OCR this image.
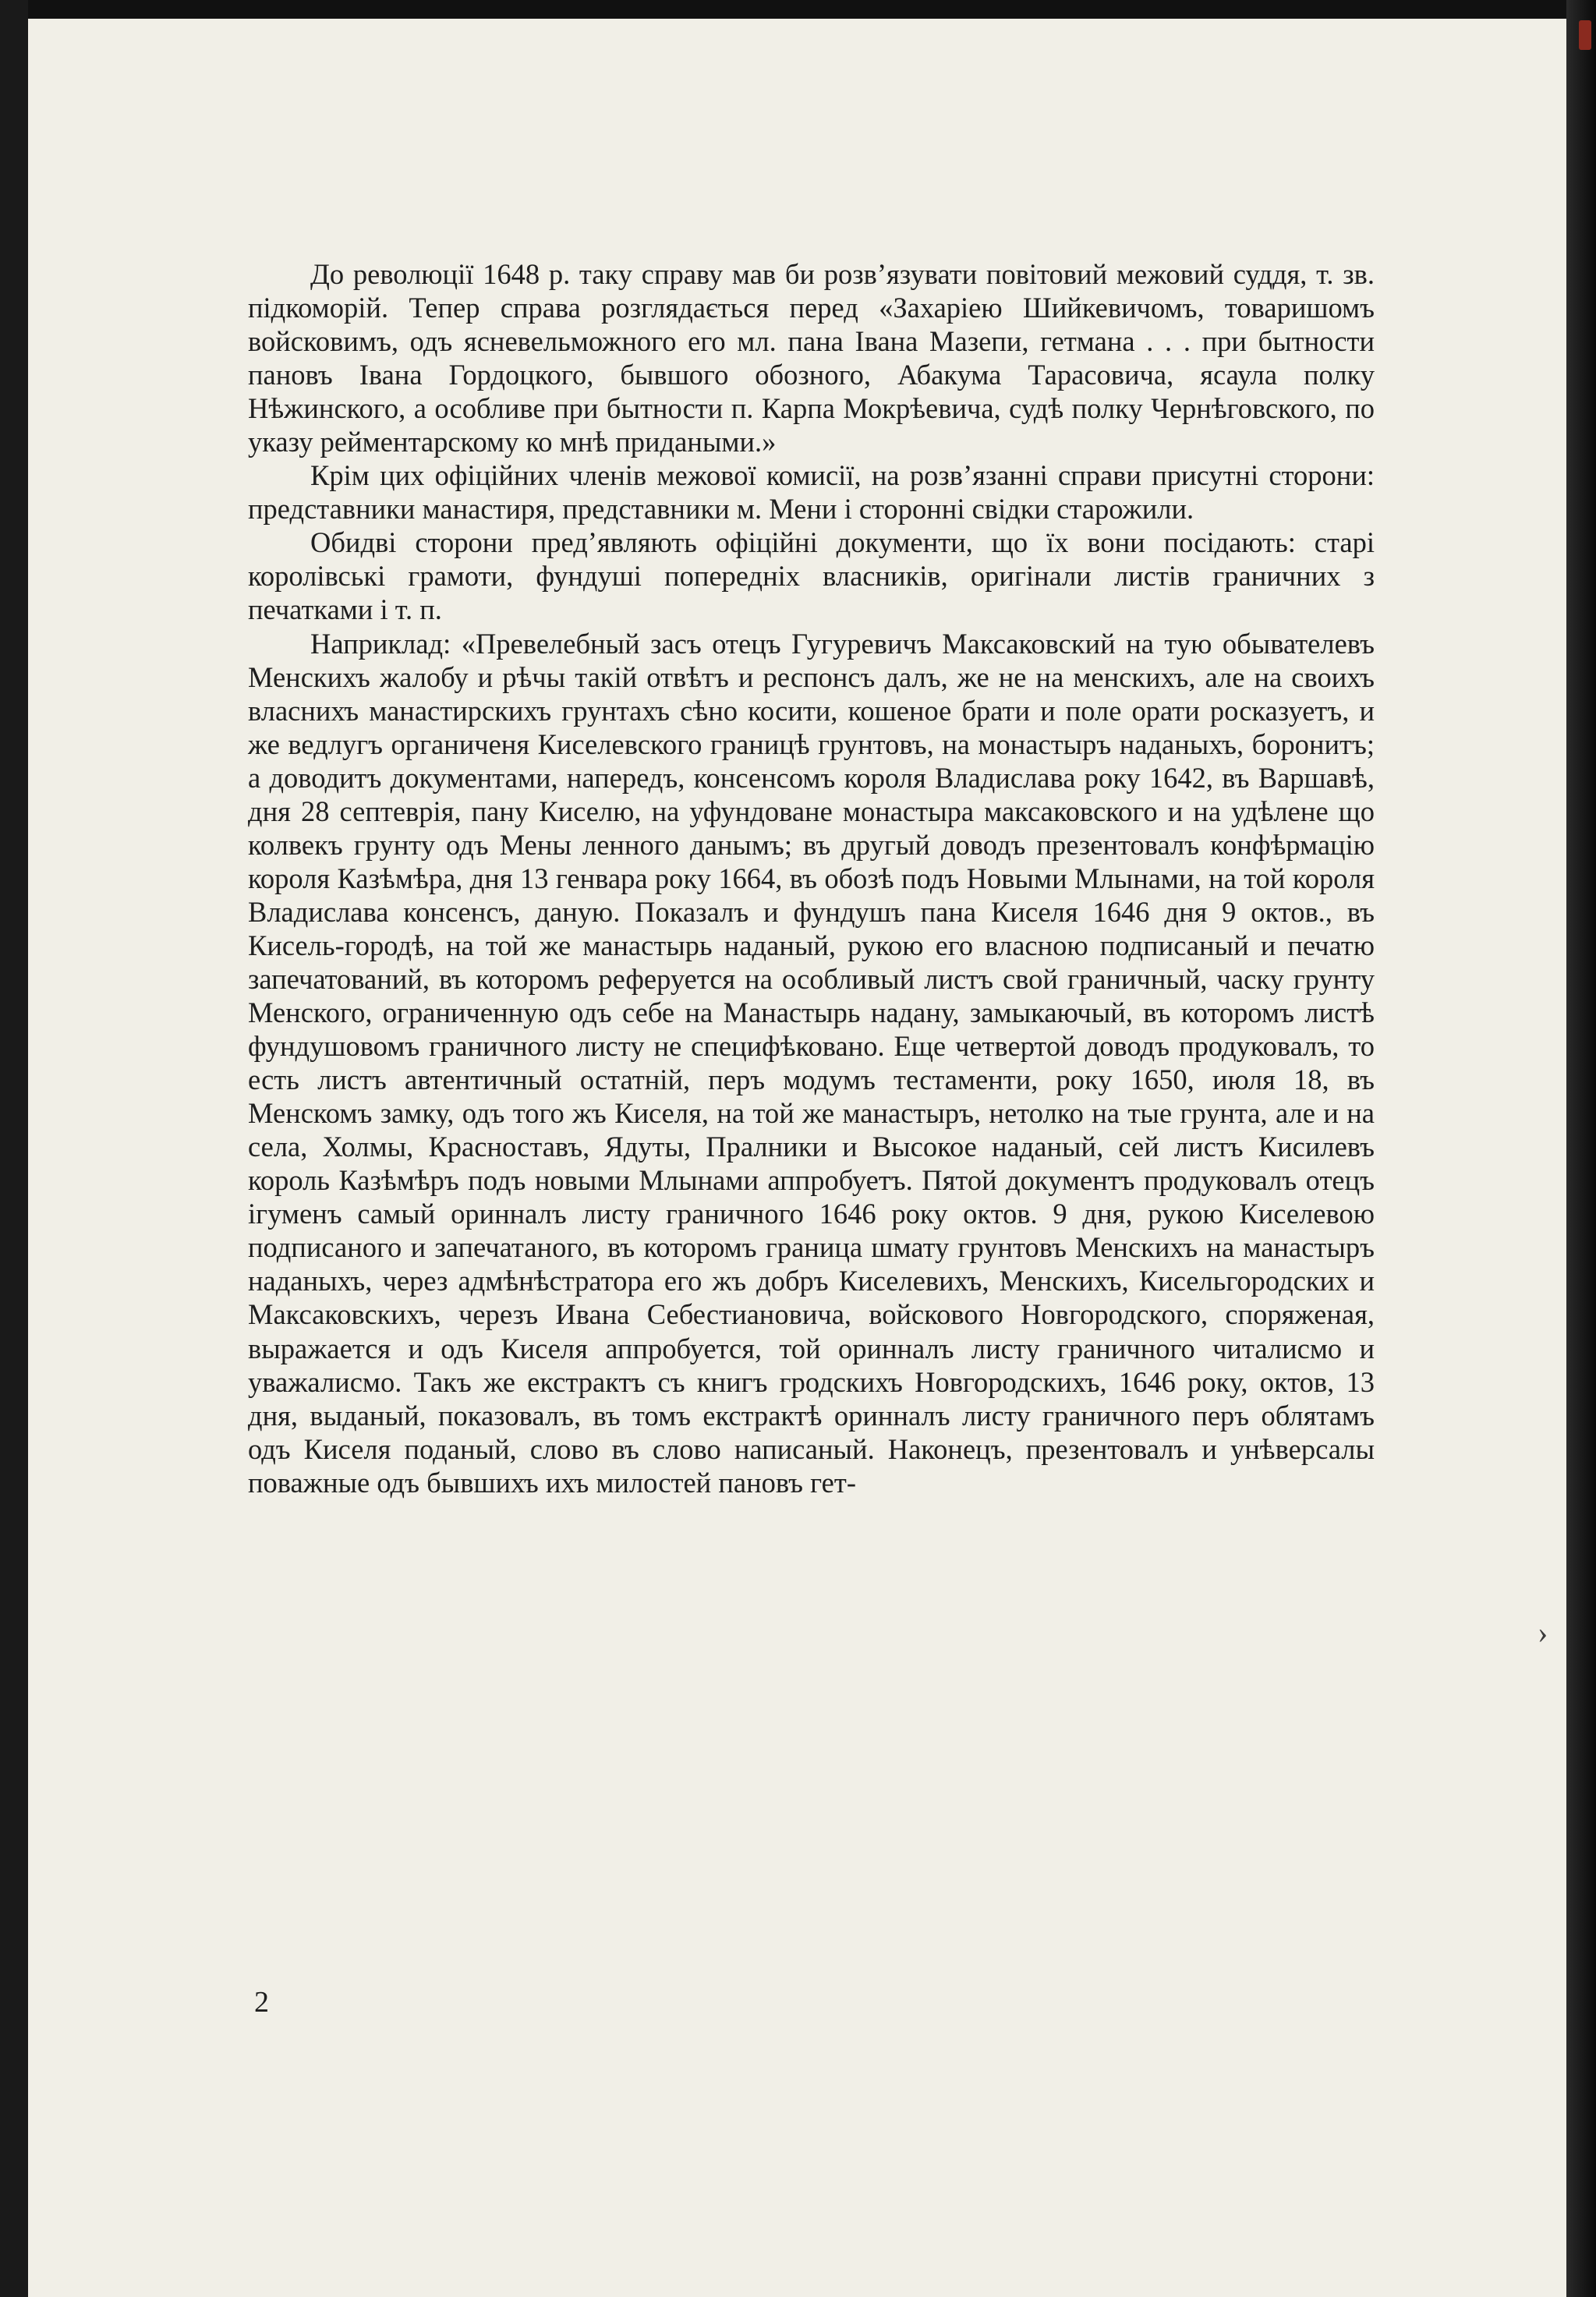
До революції 1648 р. таку справу мав би розв’язувати повітовий межовий суддя, т. зв. підкоморій. Тепер справа розглядається перед «Захаріею Шийкевичомъ, товаришомъ войсковимъ, одъ ясневельможного его мл. пана Івана Мазепи, гетмана . . . при бытности пановъ Івана Гордоцкого, бывшого обозного, Абакума Тарасовича, ясаула полку Нѣжинского, а особливе при бытности п. Карпа Мокрѣевича, судѣ полку Чернѣговского, по указу рейментарскому ко мнѣ придаными.»

Крім цих офіційних членів межової комисії, на розв’язанні справи присутні сторони: представники манастиря, представники м. Мени і сторонні свідки старожили.

Обидві сторони пред’являють офіційні документи, що їх вони посідають: старі королівські грамоти, фундуші попередніх власників, оригінали листів граничних з печатками і т. п.

Наприклад: «Превелебный засъ отецъ Гугуревичъ Максаковский на тую обывателевъ Менскихъ жалобу и рѣчы такій отвѣтъ и респонсъ далъ, же не на менскихъ, але на своихъ власнихъ манастирскихъ грунтахъ сѣно косити, кошеное брати и поле орати росказуетъ, и же ведлугъ органиченя Киселевского границѣ грунтовъ, на монастыръ наданыхъ, боронитъ; а доводитъ документами, напередъ, консенсомъ короля Владислава року 1642, въ Варшавѣ, дня 28 септеврія, пану Киселю, на уфундоване монастыра максаковского и на удѣлене що колвекъ грунту одъ Мены ленного данымъ; въ другый доводъ презентовалъ конфѣрмацію короля Казѣмѣра, дня 13 генвара року 1664, въ обозѣ подъ Новыми Млынами, на той короля Владислава консенсъ, даную. Показалъ и фундушъ пана Киселя 1646 дня 9 октов., въ Кисель-городѣ, на той же манастырь наданый, рукою его власною подписаный и печатю запечатований, въ которомъ реферуется на особливый листъ свой граничный, часку грунту Менского, ограниченную одъ себе на Манастырь надану, замыкаючый, въ которомъ листѣ фундушовомъ граничного листу не специфѣковано. Еще четвертой доводъ продуковалъ, то есть листъ автентичный остатній, перъ модумъ тестаменти, року 1650, июля 18, въ Менскомъ замку, одъ того жъ Киселя, на той же манастыръ, нетолко на тые грунта, але и на села, Холмы, Красноставъ, Ядуты, Пралники и Высокое наданый, сей листъ Кисилевъ король Казѣмѣръ подъ новыми Млынами аппробуетъ. Пятой документъ продуковалъ отецъ ігуменъ самый оринналъ листу граничного 1646 року октов. 9 дня, рукою Киселевою подписаного и запечатаного, въ которомъ граница шмату грунтовъ Менскихъ на манастыръ наданыхъ, через адмѣнѣстратора его жъ добръ Киселевихъ, Менскихъ, Кисельгородских и Максаковскихъ, черезъ Ивана Себестиановича, войскового Новгородского, споряженая, выражается и одъ Киселя аппробуется, той оринналъ листу граничного читалисмо и уважалисмо. Такъ же екстрактъ съ книгъ гродскихъ Новгородскихъ, 1646 року, октов, 13 дня, выданый, показовалъ, въ томъ екстрактѣ оринналъ листу граничного перъ облятамъ одъ Киселя поданый, слово въ слово написаный. Наконецъ, презентовалъ и унѣверсалы поважные одъ бывшихъ ихъ милостей пановъ гет-

2
›
